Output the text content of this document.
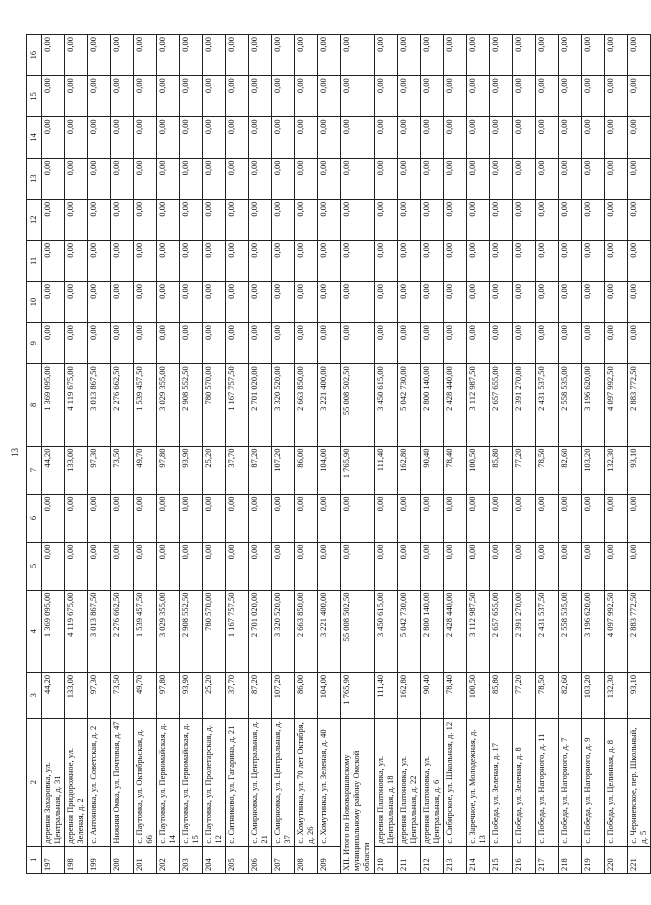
13
1	2	3	4	5	6	7	8	9	10	11	12	13	14	15	16
197	деревня Захаровка, ул. Центральная, д. 31	44,20	1 369 095,00	0,00	0,00	44,20	1 369 095,00	0,00	0,00	0,00	0,00	0,00	0,00	0,00	0,00
198	деревня Придорожное, ул. Зеленая, д. 2	133,00	4 119 675,00	0,00	0,00	133,00	4 119 675,00	0,00	0,00	0,00	0,00	0,00	0,00	0,00	0,00
199	с. Антоновка, ул. Советская, д. 2	97,30	3 013 867,50	0,00	0,00	97,30	3 013 867,50	0,00	0,00	0,00	0,00	0,00	0,00	0,00	0,00
200	Нижняя Омка, ул. Почтовая, д. 47	73,50	2 276 662,50	0,00	0,00	73,50	2 276 662,50	0,00	0,00	0,00	0,00	0,00	0,00	0,00	0,00
201	с. Паутовка, ул. Октябрьская, д. 66	49,70	1 539 457,50	0,00	0,00	49,70	1 539 457,50	0,00	0,00	0,00	0,00	0,00	0,00	0,00	0,00
202	с. Паутовка, ул. Первомайская, д. 14	97,80	3 029 355,00	0,00	0,00	97,80	3 029 355,00	0,00	0,00	0,00	0,00	0,00	0,00	0,00	0,00
203	с. Паутовка, ул. Первомайская, д. 15	93,90	2 908 552,50	0,00	0,00	93,90	2 908 552,50	0,00	0,00	0,00	0,00	0,00	0,00	0,00	0,00
204	с. Паутовка, ул. Пролетарская, д. 12	25,20	780 570,00	0,00	0,00	25,20	780 570,00	0,00	0,00	0,00	0,00	0,00	0,00	0,00	0,00
205	с. Ситниково, ул. Гагарина, д. 21	37,70	1 167 757,50	0,00	0,00	37,70	1 167 757,50	0,00	0,00	0,00	0,00	0,00	0,00	0,00	0,00
206	с. Смирновка, ул. Центральная, д. 21	87,20	2 701 020,00	0,00	0,00	87,20	2 701 020,00	0,00	0,00	0,00	0,00	0,00	0,00	0,00	0,00
207	с. Смирновка, ул. Центральная, д. 37	107,20	3 320 520,00	0,00	0,00	107,20	3 320 520,00	0,00	0,00	0,00	0,00	0,00	0,00	0,00	0,00
208	с. Хомутинка, ул. 70 лет Октября, д. 26	86,00	2 663 850,00	0,00	0,00	86,00	2 663 850,00	0,00	0,00	0,00	0,00	0,00	0,00	0,00	0,00
209	с. Хомутинка, ул. Зеленая, д. 40	104,00	3 221 400,00	0,00	0,00	104,00	3 221 400,00	0,00	0,00	0,00	0,00	0,00	0,00	0,00	0,00
XII. Итого по Нововаршавскому муниципальному району Омской области		1 765,90	55 008 502,50	0,00	0,00	1 765,90	55 008 502,50	0,00	0,00	0,00	0,00	0,00	0,00	0,00	0,00
210	деревня Платоновка, ул. Центральная, д. 18	111,40	3 450 615,00	0,00	0,00	111,40	3 450 615,00	0,00	0,00	0,00	0,00	0,00	0,00	0,00	0,00
211	деревня Платоновка, ул. Центральная, д. 22	162,80	5 042 730,00	0,00	0,00	162,80	5 042 730,00	0,00	0,00	0,00	0,00	0,00	0,00	0,00	0,00
212	деревня Платоновка, ул. Центральная, д. 6	90,40	2 800 140,00	0,00	0,00	90,40	2 800 140,00	0,00	0,00	0,00	0,00	0,00	0,00	0,00	0,00
213	с. Сибирское, ул. Школьная, д. 12	78,40	2 428 440,00	0,00	0,00	78,40	2 428 440,00	0,00	0,00	0,00	0,00	0,00	0,00	0,00	0,00
214	с. Заречное, ул. Молодежная, д. 13	100,50	3 112 987,50	0,00	0,00	100,50	3 112 987,50	0,00	0,00	0,00	0,00	0,00	0,00	0,00	0,00
215	с. Победа, ул. Зеленая, д. 17	85,80	2 657 655,00	0,00	0,00	85,80	2 657 655,00	0,00	0,00	0,00	0,00	0,00	0,00	0,00	0,00
216	с. Победа, ул. Зеленая, д. 8	77,20	2 391 270,00	0,00	0,00	77,20	2 391 270,00	0,00	0,00	0,00	0,00	0,00	0,00	0,00	0,00
217	с. Победа, ул. Нагорного, д. 11	78,50	2 431 537,50	0,00	0,00	78,50	2 431 537,50	0,00	0,00	0,00	0,00	0,00	0,00	0,00	0,00
218	с. Победа, ул. Нагорного, д. 7	82,60	2 558 535,00	0,00	0,00	82,60	2 558 535,00	0,00	0,00	0,00	0,00	0,00	0,00	0,00	0,00
219	с. Победа, ул. Нагорного, д. 9	103,20	3 196 620,00	0,00	0,00	103,20	3 196 620,00	0,00	0,00	0,00	0,00	0,00	0,00	0,00	0,00
220	с. Победа, ул. Целинная, д. 8	132,30	4 097 992,50	0,00	0,00	132,30	4 097 992,50	0,00	0,00	0,00	0,00	0,00	0,00	0,00	0,00
221	с. Черняевское, пер. Школьный, д. 5	93,10	2 883 772,50	0,00	0,00	93,10	2 883 772,50	0,00	0,00	0,00	0,00	0,00	0,00	0,00	0,00
